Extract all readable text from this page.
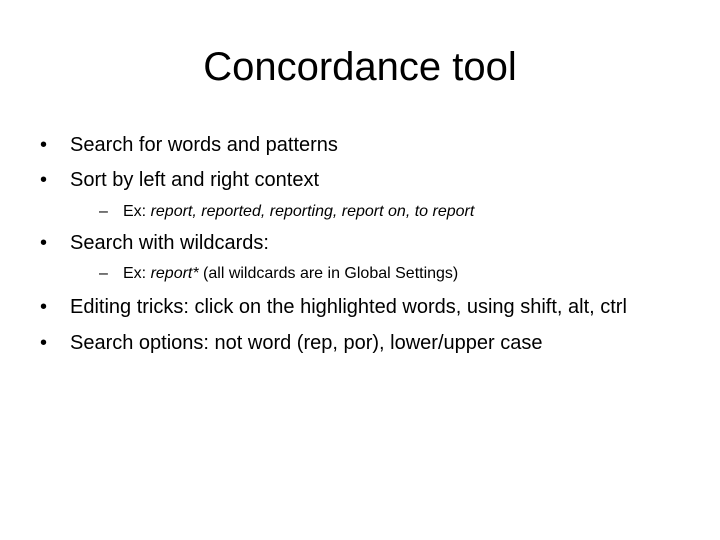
Concordance tool
• Search for words and patterns
• Sort by left and right context
– Ex: report, reported, reporting, report on, to report
• Search with wildcards:
– Ex: report* (all wildcards are in Global Settings)
• Editing tricks: click on the highlighted words, using shift, alt, ctrl
• Search options: not word (rep, por), lower/upper case
